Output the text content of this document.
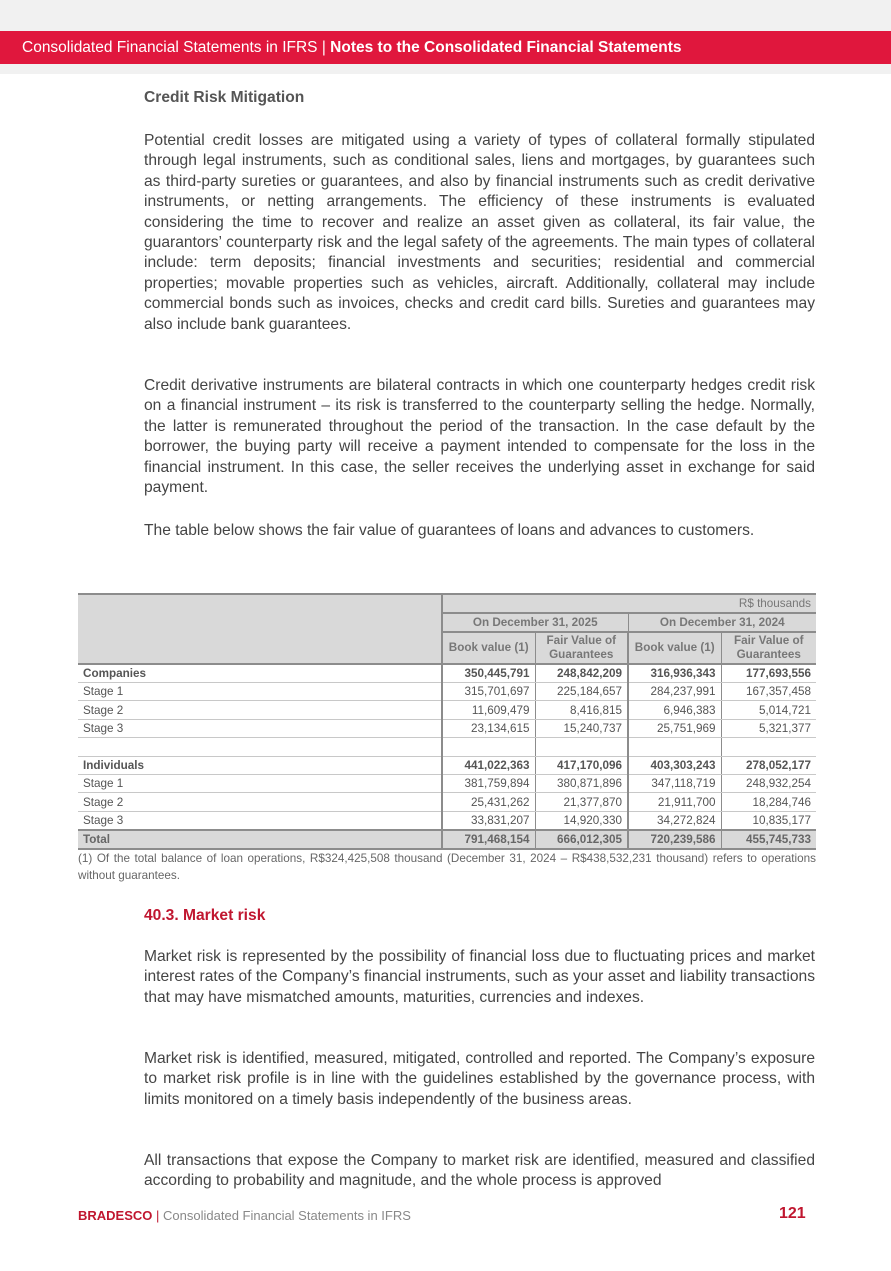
Consolidated Financial Statements in IFRS | Notes to the Consolidated Financial Statements
Credit Risk Mitigation

Potential credit losses are mitigated using a variety of types of collateral formally stipulated through legal instruments, such as conditional sales, liens and mortgages, by guarantees such as third-party sureties or guarantees, and also by financial instruments such as credit derivative instruments, or netting arrangements. The efficiency of these instruments is evaluated considering the time to recover and realize an asset given as collateral, its fair value, the guarantors’ counterparty risk and the legal safety of the agreements. The main types of collateral include: term deposits; financial investments and securities; residential and commercial properties; movable properties such as vehicles, aircraft. Additionally, collateral may include commercial bonds such as invoices, checks and credit card bills. Sureties and guarantees may also include bank guarantees.

Credit derivative instruments are bilateral contracts in which one counterparty hedges credit risk on a financial instrument – its risk is transferred to the counterparty selling the hedge. Normally, the latter is remunerated throughout the period of the transaction. In the case default by the borrower, the buying party will receive a payment intended to compensate for the loss in the financial instrument. In this case, the seller receives the underlying asset in exchange for said payment.

The table below shows the fair value of guarantees of loans and advances to customers.

	R$ thousands			
	On December 31, 2025		On December 31, 2024	
	Book value (1)	Fair Value of Guarantees	Book value (1)	Fair Value of Guarantees
Companies	350,445,791	248,842,209	316,936,343	177,693,556
Stage 1	315,701,697	225,184,657	284,237,991	167,357,458
Stage 2	11,609,479	8,416,815	6,946,383	5,014,721
Stage 3	23,134,615	15,240,737	25,751,969	5,321,377

Individuals	441,022,363	417,170,096	403,303,243	278,052,177
Stage 1	381,759,894	380,871,896	347,118,719	248,932,254
Stage 2	25,431,262	21,377,870	21,911,700	18,284,746
Stage 3	33,831,207	14,920,330	34,272,824	10,835,177
Total	791,468,154	666,012,305	720,239,586	455,745,733

(1) Of the total balance of loan operations, R$324,425,508 thousand (December 31, 2024 – R$438,532,231 thousand) refers to operations without guarantees.

40.3. Market risk

Market risk is represented by the possibility of financial loss due to fluctuating prices and market interest rates of the Company’s financial instruments, such as your asset and liability transactions that may have mismatched amounts, maturities, currencies and indexes.

Market risk is identified, measured, mitigated, controlled and reported. The Company’s exposure to market risk profile is in line with the guidelines established by the governance process, with limits monitored on a timely basis independently of the business areas.

All transactions that expose the Company to market risk are identified, measured and classified according to probability and magnitude, and the whole process is approved

BRADESCO | Consolidated Financial Statements in IFRS	121
